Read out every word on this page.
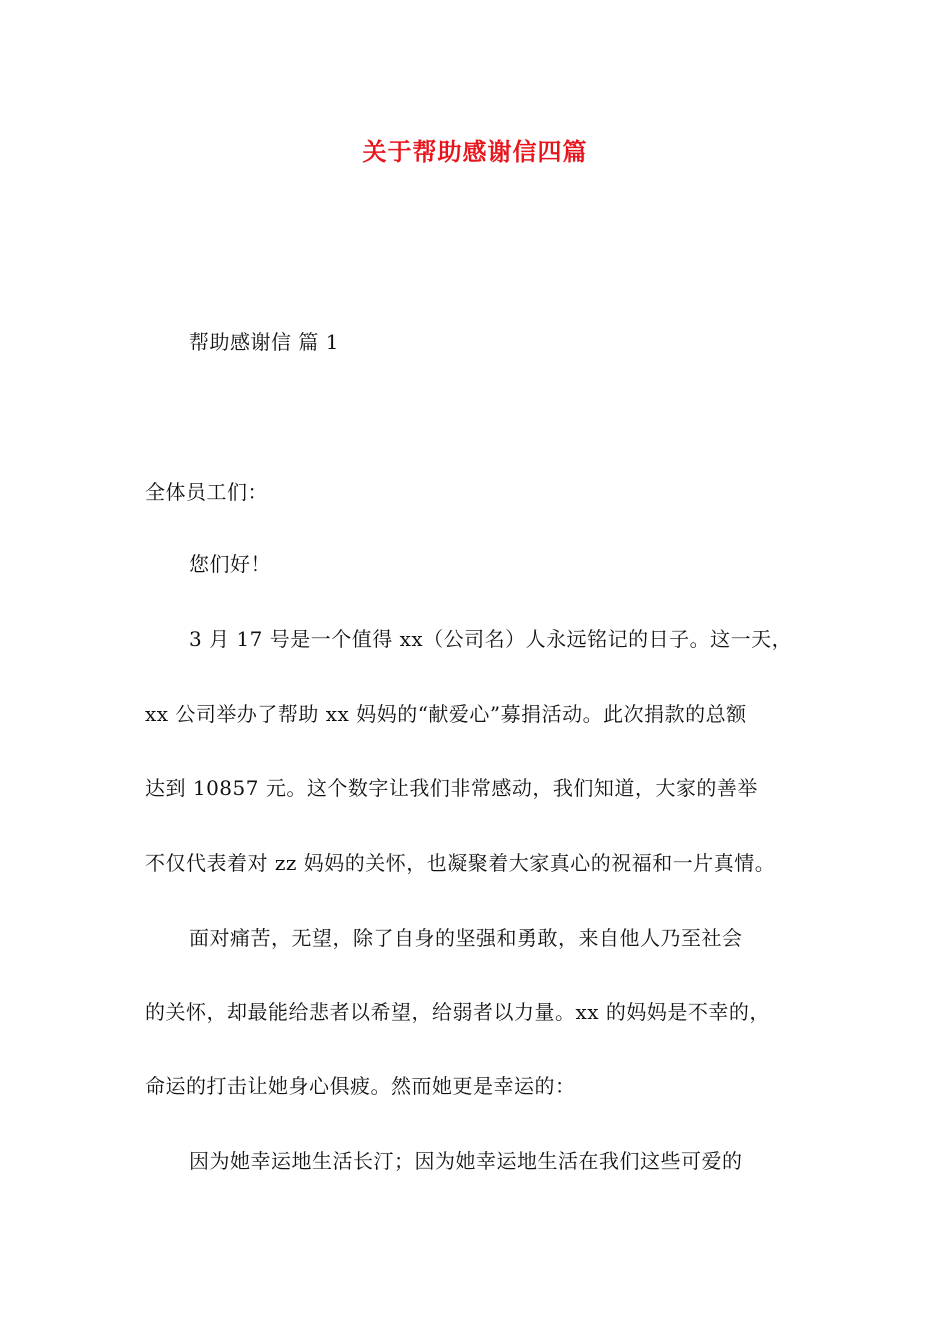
关于帮助感谢信四篇
帮助感谢信 篇 1
全体员工们：
您们好！
3 月 17 号是一个值得 xx（公司名）人永远铭记的日子。这一天，
xx 公司举办了帮助 xx 妈妈的“献爱心”募捐活动。此次捐款的总额
达到 10857 元。这个数字让我们非常感动，我们知道，大家的善举
不仅代表着对 zz 妈妈的关怀，也凝聚着大家真心的祝福和一片真情。
面对痛苦，无望，除了自身的坚强和勇敢，来自他人乃至社会
的关怀，却最能给悲者以希望，给弱者以力量。xx 的妈妈是不幸的，
命运的打击让她身心俱疲。然而她更是幸运的：
因为她幸运地生活长汀；因为她幸运地生活在我们这些可爱的
